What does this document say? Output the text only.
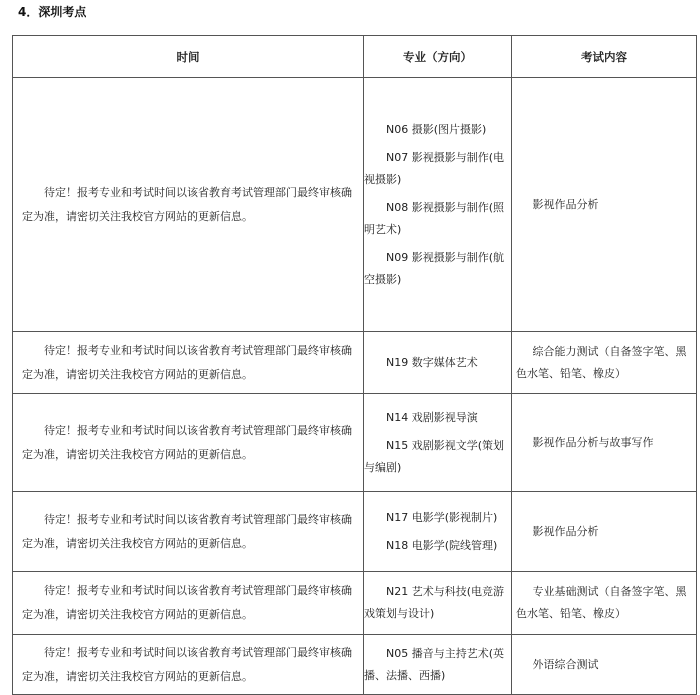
4．深圳考点
时间	专业（方向）	考试内容

待定！报考专业和考试时间以该省教育考试管理部门最终审核确定为准，请密切关注我校官方网站的更新信息。	N06 摄影(图片摄影)
N07 影视摄影与制作(电视摄影)
N08 影视摄影与制作(照明艺术)
N09 影视摄影与制作(航空摄影)	影视作品分析

待定！报考专业和考试时间以该省教育考试管理部门最终审核确定为准，请密切关注我校官方网站的更新信息。	N19 数字媒体艺术	综合能力测试（自备签字笔、黑色水笔、铅笔、橡皮）

待定！报考专业和考试时间以该省教育考试管理部门最终审核确定为准，请密切关注我校官方网站的更新信息。	N14 戏剧影视导演
N15 戏剧影视文学(策划与编剧)	影视作品分析与故事写作

待定！报考专业和考试时间以该省教育考试管理部门最终审核确定为准，请密切关注我校官方网站的更新信息。	N17 电影学(影视制片)
N18 电影学(院线管理)	影视作品分析

待定！报考专业和考试时间以该省教育考试管理部门最终审核确定为准，请密切关注我校官方网站的更新信息。	N21 艺术与科技(电竞游戏策划与设计)	专业基础测试（自备签字笔、黑色水笔、铅笔、橡皮）

待定！报考专业和考试时间以该省教育考试管理部门最终审核确定为准，请密切关注我校官方网站的更新信息。	N05 播音与主持艺术(英播、法播、西播)	外语综合测试
